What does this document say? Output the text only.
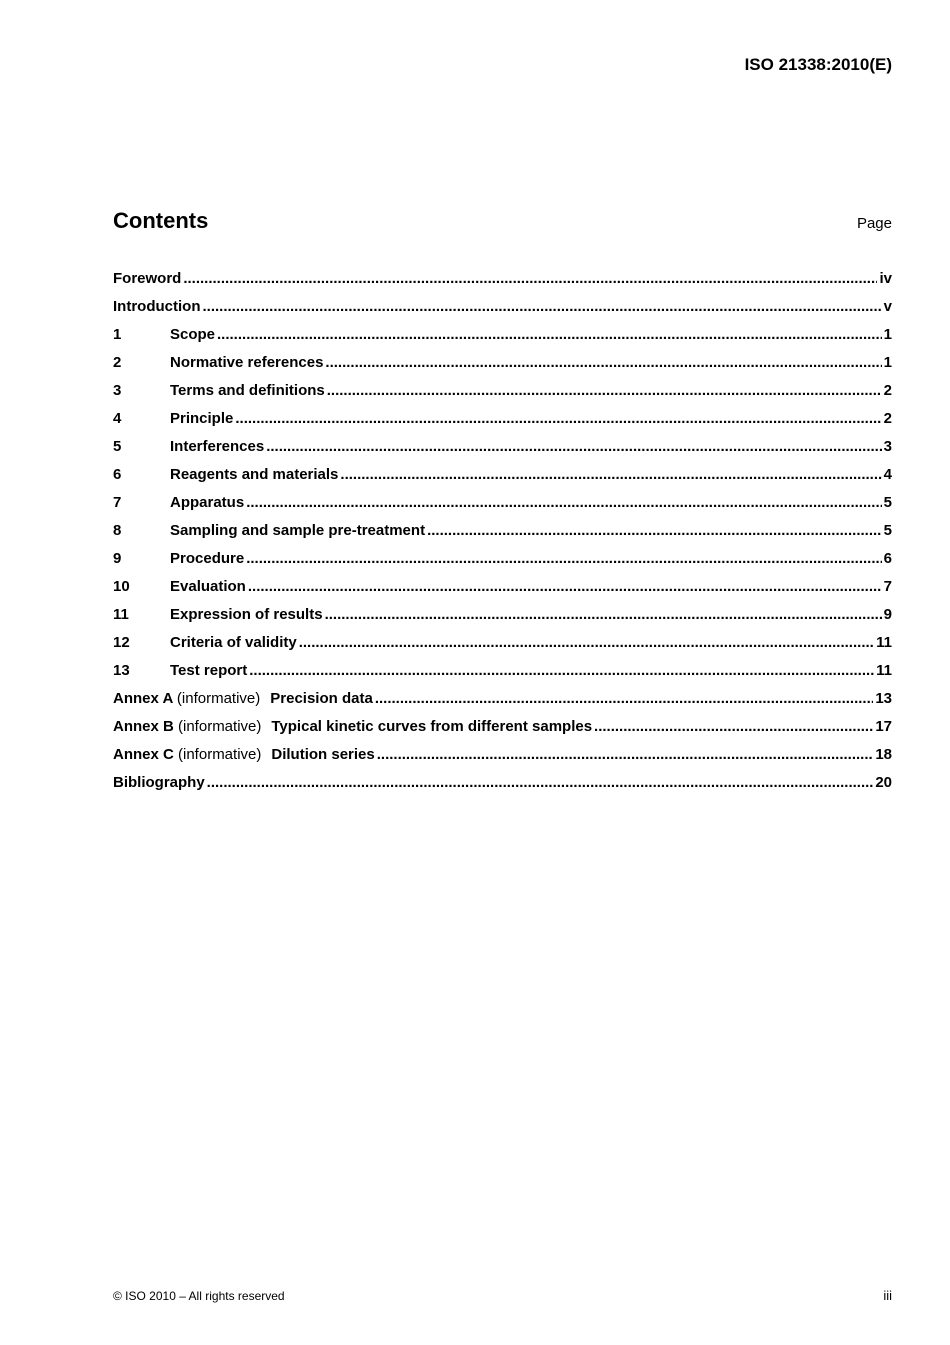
ISO 21338:2010(E)
Contents	Page
Foreword .....	iv
Introduction .....	v
1	Scope .....	1
2	Normative references .....	1
3	Terms and definitions .....	2
4	Principle .....	2
5	Interferences .....	3
6	Reagents and materials .....	4
7	Apparatus .....	5
8	Sampling and sample pre-treatment .....	5
9	Procedure .....	6
10	Evaluation .....	7
11	Expression of results .....	9
12	Criteria of validity .....	11
13	Test report .....	11
Annex A (informative) Precision data .....	13
Annex B (informative) Typical kinetic curves from different samples .....	17
Annex C (informative) Dilution series .....	18
Bibliography .....	20
© ISO 2010 – All rights reserved	iii
